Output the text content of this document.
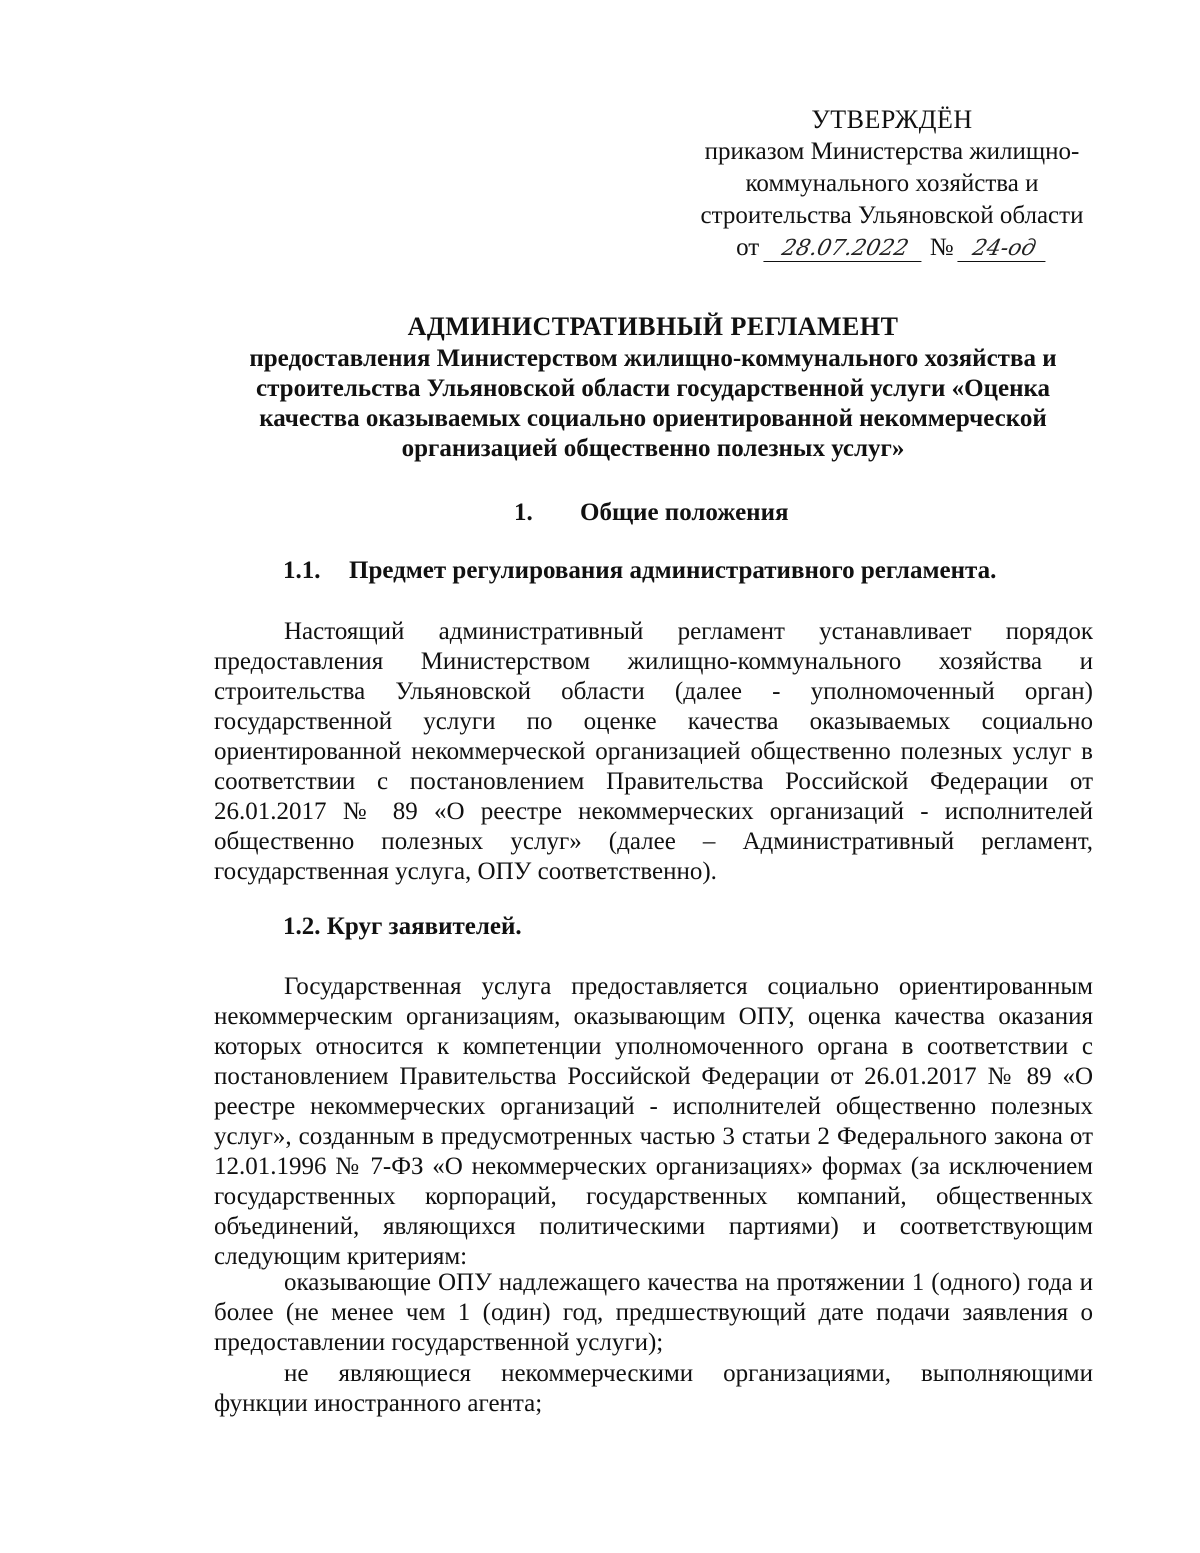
УТВЕРЖДЁН
приказом Министерства жилищно-
коммунального хозяйства и
строительства Ульяновской области
от 28.07.2022 № 24-од
АДМИНИСТРАТИВНЫЙ РЕГЛАМЕНТ
предоставления Министерством жилищно-коммунального хозяйства и строительства Ульяновской области государственной услуги «Оценка качества оказываемых социально ориентированной некоммерческой организацией общественно полезных услуг»
1. Общие положения
1.1. Предмет регулирования административного регламента.

Настоящий административный регламент устанавливает порядок предоставления Министерством жилищно-коммунального хозяйства и строительства Ульяновской области (далее - уполномоченный орган) государственной услуги по оценке качества оказываемых социально ориентированной некоммерческой организацией общественно полезных услуг в соответствии с постановлением Правительства Российской Федерации от 26.01.2017 № 89 «О реестре некоммерческих организаций - исполнителей общественно полезных услуг» (далее – Административный регламент, государственная услуга, ОПУ соответственно).

1.2. Круг заявителей.

Государственная услуга предоставляется социально ориентированным некоммерческим организациям, оказывающим ОПУ, оценка качества оказания которых относится к компетенции уполномоченного органа в соответствии с постановлением Правительства Российской Федерации от 26.01.2017 № 89 «О реестре некоммерческих организаций - исполнителей общественно полезных услуг», созданным в предусмотренных частью 3 статьи 2 Федерального закона от 12.01.1996 № 7-ФЗ «О некоммерческих организациях» формах (за исключением государственных корпораций, государственных компаний, общественных объединений, являющихся политическими партиями) и соответствующим следующим критериям:

оказывающие ОПУ надлежащего качества на протяжении 1 (одного) года и более (не менее чем 1 (один) год, предшествующий дате подачи заявления о предоставлении государственной услуги);

не являющиеся некоммерческими организациями, выполняющими функции иностранного агента;
